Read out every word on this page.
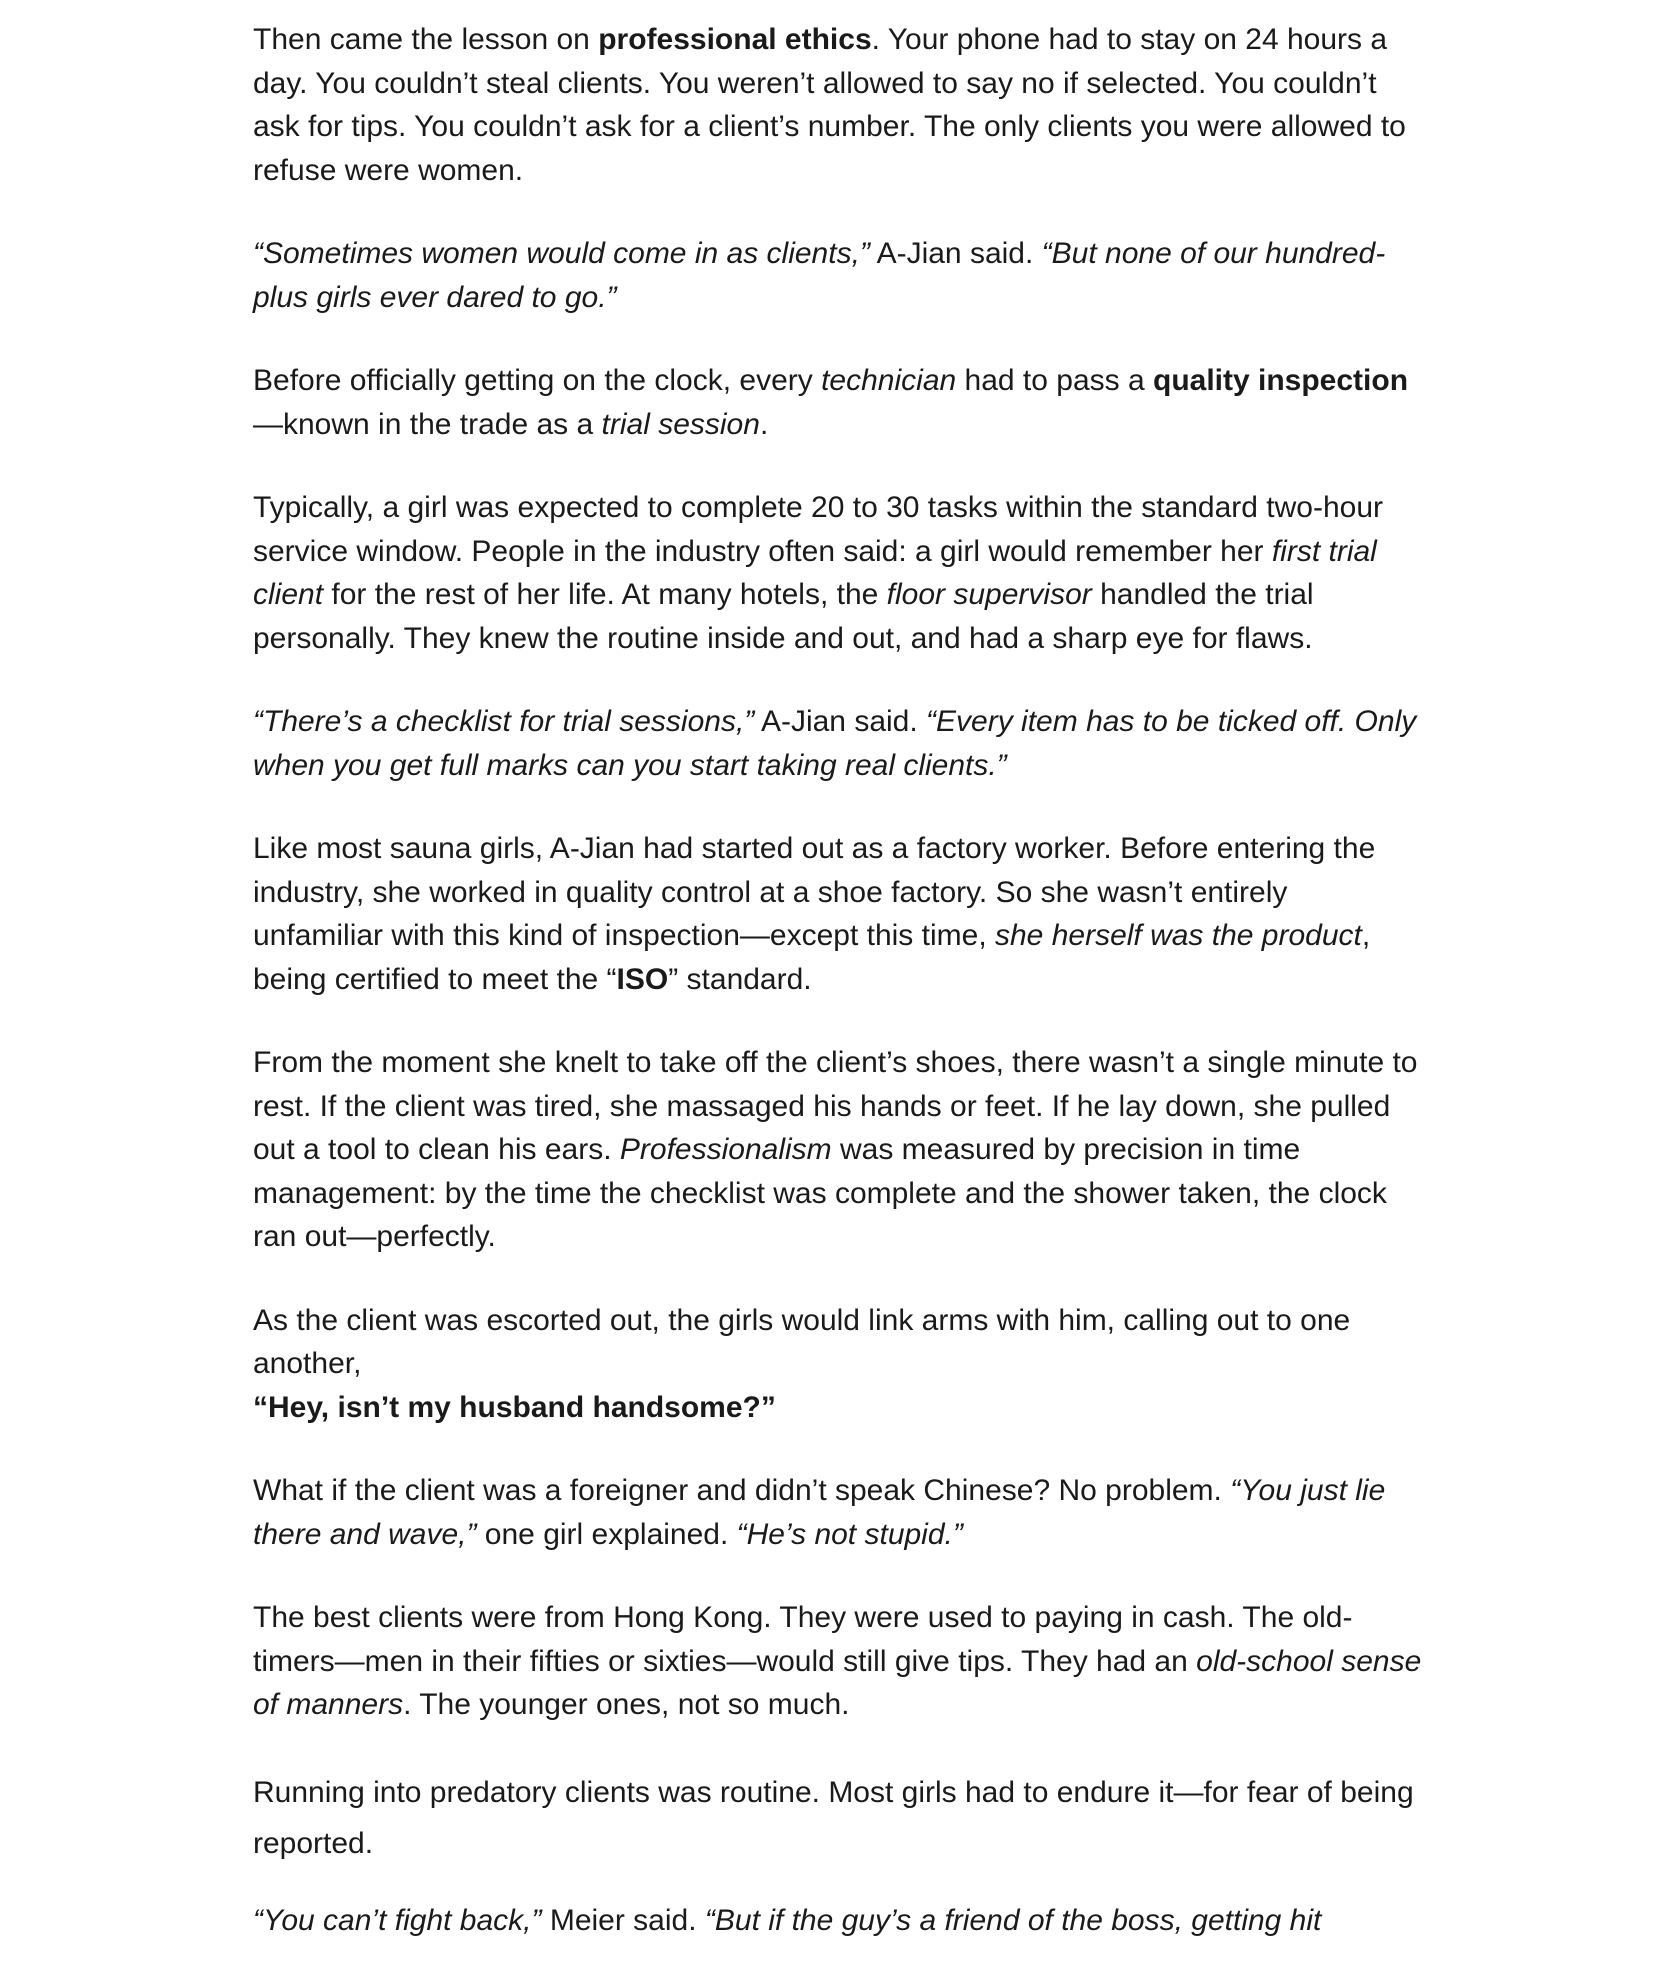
Then came the lesson on professional ethics. Your phone had to stay on 24 hours a day. You couldn’t steal clients. You weren’t allowed to say no if selected. You couldn’t ask for tips. You couldn’t ask for a client’s number. The only clients you were allowed to refuse were women.

“Sometimes women would come in as clients,” A-Jian said. “But none of our hundred-plus girls ever dared to go.”

Before officially getting on the clock, every technician had to pass a quality inspection—known in the trade as a trial session.

Typically, a girl was expected to complete 20 to 30 tasks within the standard two-hour service window. People in the industry often said: a girl would remember her first trial client for the rest of her life. At many hotels, the floor supervisor handled the trial personally. They knew the routine inside and out, and had a sharp eye for flaws.

“There’s a checklist for trial sessions,” A-Jian said. “Every item has to be ticked off. Only when you get full marks can you start taking real clients.”

Like most sauna girls, A-Jian had started out as a factory worker. Before entering the industry, she worked in quality control at a shoe factory. So she wasn’t entirely unfamiliar with this kind of inspection—except this time, she herself was the product, being certified to meet the “ISO” standard.

From the moment she knelt to take off the client’s shoes, there wasn’t a single minute to rest. If the client was tired, she massaged his hands or feet. If he lay down, she pulled out a tool to clean his ears. Professionalism was measured by precision in time management: by the time the checklist was complete and the shower taken, the clock ran out—perfectly.

As the client was escorted out, the girls would link arms with him, calling out to one another,

“Hey, isn’t my husband handsome?”

What if the client was a foreigner and didn’t speak Chinese? No problem. “You just lie there and wave,” one girl explained. “He’s not stupid.”

The best clients were from Hong Kong. They were used to paying in cash. The old-timers—men in their fifties or sixties—would still give tips. They had an old-school sense of manners. The younger ones, not so much.

Running into predatory clients was routine. Most girls had to endure it—for fear of being reported.

“You can’t fight back,” Meier said. “But if the guy’s a friend of the boss, getting hit
